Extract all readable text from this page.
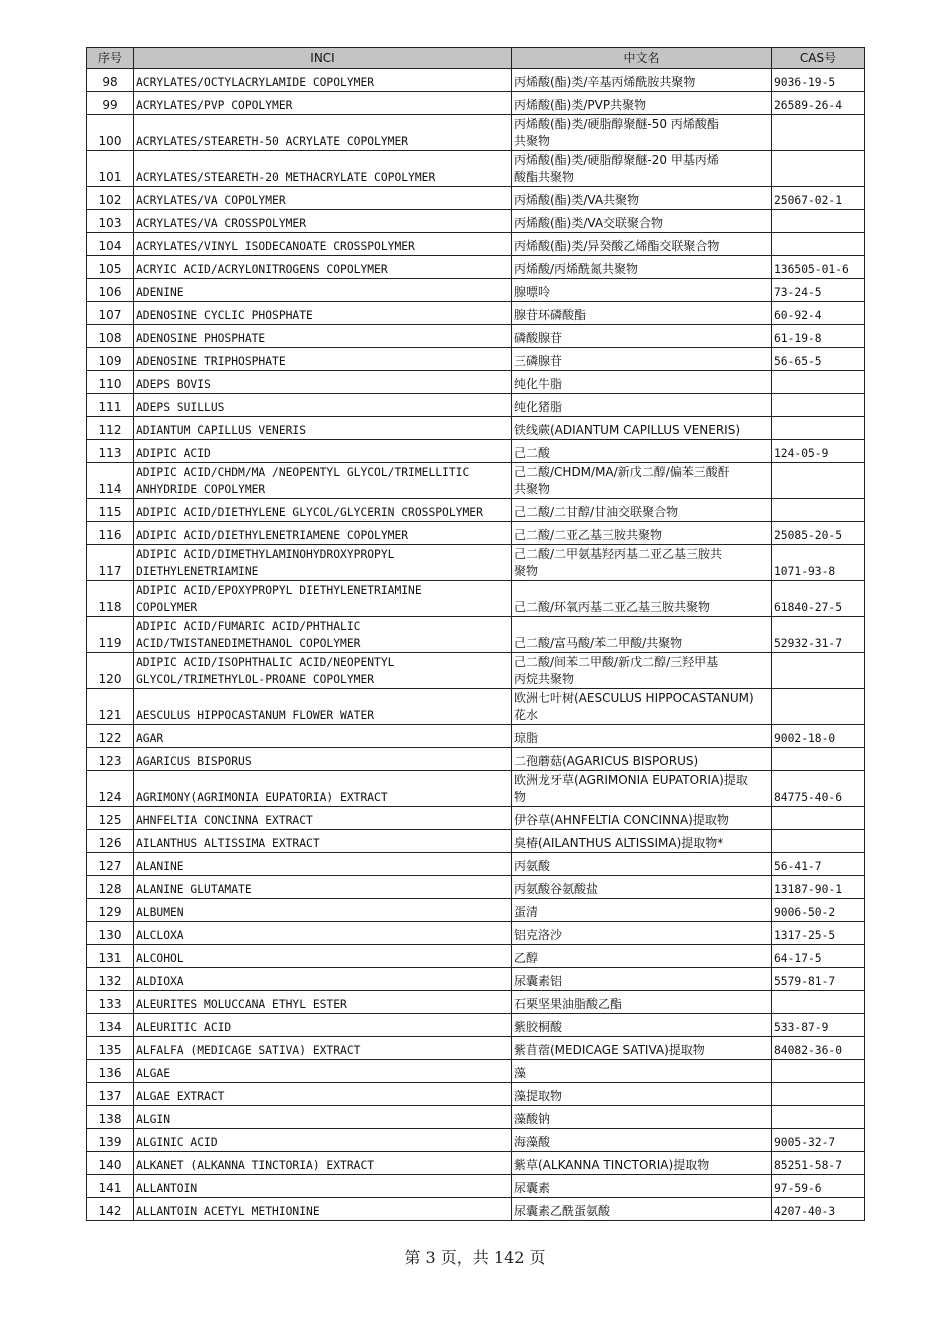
序号	INCI	中文名	CAS号
98	ACRYLATES/OCTYLACRYLAMIDE COPOLYMER	丙烯酸(酯)类/辛基丙烯酰胺共聚物	9036-19-5
99	ACRYLATES/PVP COPOLYMER	丙烯酸(酯)类/PVP共聚物	26589-26-4
100	ACRYLATES/STEARETH-50 ACRYLATE COPOLYMER	丙烯酸(酯)类/硬脂醇聚醚-50 丙烯酸酯
共聚物	

101	ACRYLATES/STEARETH-20 METHACRYLATE COPOLYMER	丙烯酸(酯)类/硬脂醇聚醚-20 甲基丙烯
酸酯共聚物	

102	ACRYLATES/VA COPOLYMER	丙烯酸(酯)类/VA共聚物	25067-02-1
103	ACRYLATES/VA CROSSPOLYMER	丙烯酸(酯)类/VA交联聚合物	

104	ACRYLATES/VINYL ISODECANOATE CROSSPOLYMER	丙烯酸(酯)类/异癸酸乙烯酯交联聚合物	

105	ACRYIC ACID/ACRYLONITROGENS COPOLYMER	丙烯酸/丙烯酰氮共聚物	136505-01-6
106	ADENINE	腺嘌呤	73-24-5
107	ADENOSINE CYCLIC PHOSPHATE	腺苷环磷酸酯	60-92-4
108	ADENOSINE PHOSPHATE	磷酸腺苷	61-19-8
109	ADENOSINE TRIPHOSPHATE	三磷腺苷	56-65-5
110	ADEPS BOVIS	纯化牛脂	

111	ADEPS SUILLUS	纯化猪脂	

112	ADIANTUM CAPILLUS VENERIS	铁线蕨(ADIANTUM CAPILLUS VENERIS)	

113	ADIPIC ACID	己二酸	124-05-9
114	ADIPIC ACID/CHDM/MA /NEOPENTYL GLYCOL/TRIMELLITIC
ANHYDRIDE COPOLYMER	己二酸/CHDM/MA/新戊二醇/偏苯三酸酐
共聚物	

115	ADIPIC ACID/DIETHYLENE GLYCOL/GLYCERIN CROSSPOLYMER	己二酸/二甘醇/甘油交联聚合物	

116	ADIPIC ACID/DIETHYLENETRIAMENE COPOLYMER	己二酸/二亚乙基三胺共聚物	25085-20-5
117	ADIPIC ACID/DIMETHYLAMINOHYDROXYPROPYL
DIETHYLENETRIAMINE	己二酸/二甲氨基羟丙基二亚乙基三胺共
聚物	1071-93-8
118	ADIPIC ACID/EPOXYPROPYL DIETHYLENETRIAMINE
COPOLYMER	己二酸/环氧丙基二亚乙基三胺共聚物	61840-27-5
119	ADIPIC ACID/FUMARIC ACID/PHTHALIC
ACID/TWISTANEDIMETHANOL COPOLYMER	己二酸/富马酸/苯二甲酸/共聚物	52932-31-7
120	ADIPIC ACID/ISOPHTHALIC ACID/NEOPENTYL
GLYCOL/TRIMETHYLOL-PROANE COPOLYMER	己二酸/间苯二甲酸/新戊二醇/三羟甲基
丙烷共聚物	

121	AESCULUS HIPPOCASTANUM FLOWER WATER	欧洲七叶树(AESCULUS HIPPOCASTANUM)
花水	

122	AGAR	琼脂	9002-18-0
123	AGARICUS BISPORUS	二孢蘑菇(AGARICUS BISPORUS)	

124	AGRIMONY(AGRIMONIA EUPATORIA) EXTRACT	欧洲龙牙草(AGRIMONIA EUPATORIA)提取
物	84775-40-6
125	AHNFELTIA CONCINNA EXTRACT	伊谷草(AHNFELTIA CONCINNA)提取物	

126	AILANTHUS ALTISSIMA EXTRACT	臭椿(AILANTHUS ALTISSIMA)提取物*	

127	ALANINE	丙氨酸	56-41-7
128	ALANINE GLUTAMATE	丙氨酸谷氨酸盐	13187-90-1
129	ALBUMEN	蛋清	9006-50-2
130	ALCLOXA	铝克洛沙	1317-25-5
131	ALCOHOL	乙醇	64-17-5
132	ALDIOXA	尿囊素铝	5579-81-7
133	ALEURITES MOLUCCANA ETHYL ESTER	石栗坚果油脂酸乙酯	

134	ALEURITIC ACID	紫胶桐酸	533-87-9
135	ALFALFA (MEDICAGE SATIVA) EXTRACT	紫苜蓿(MEDICAGE SATIVA)提取物	84082-36-0
136	ALGAE	藻	

137	ALGAE EXTRACT	藻提取物	

138	ALGIN	藻酸钠	

139	ALGINIC ACID	海藻酸	9005-32-7
140	ALKANET (ALKANNA TINCTORIA) EXTRACT	紫草(ALKANNA TINCTORIA)提取物	85251-58-7
141	ALLANTOIN	尿囊素	97-59-6
142	ALLANTOIN ACETYL METHIONINE	尿囊素乙酰蛋氨酸	4207-40-3
第 3 页，共 142 页
